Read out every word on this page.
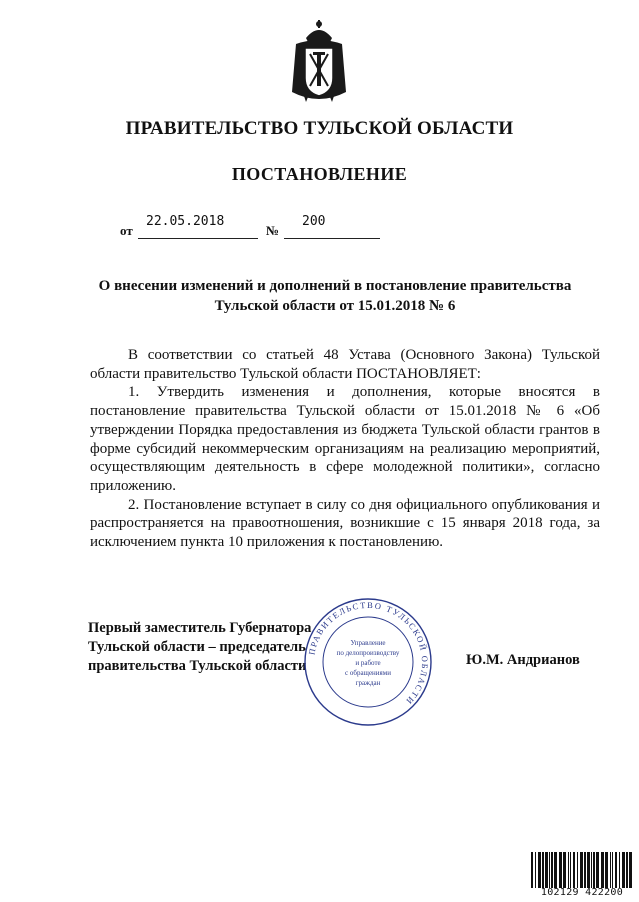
ПРАВИТЕЛЬСТВО ТУЛЬСКОЙ ОБЛАСТИ
ПОСТАНОВЛЕНИЕ
от
22.05.2018
№
200
О внесении изменений и дополнений в постановление правительства
Тульской области от 15.01.2018 № 6

В соответствии со статьей 48 Устава (Основного Закона) Тульской области правительство Тульской области ПОСТАНОВЛЯЕТ:

1. Утвердить изменения и дополнения, которые вносятся в постановление правительства Тульской области от 15.01.2018 № 6 «Об утверждении Порядка предоставления из бюджета Тульской области грантов в форме субсидий некоммерческим организациям на реализацию мероприятий, осуществляющим деятельность в сфере молодежной политики», согласно приложению.

2. Постановление вступает в силу со дня официального опубликования и распространяется на правоотношения, возникшие с 15 января 2018 года, за исключением пункта 10 приложения к постановлению.

Первый заместитель Губернатора
Тульской области – председатель
правительства Тульской области	Ю.М. Андрианов
ПРАВИТЕЛЬСТВО ТУЛЬСКОЙ ОБЛАСТИ
Управление
по делопроизводству
и работе
с обращениями
граждан
102129 422200
